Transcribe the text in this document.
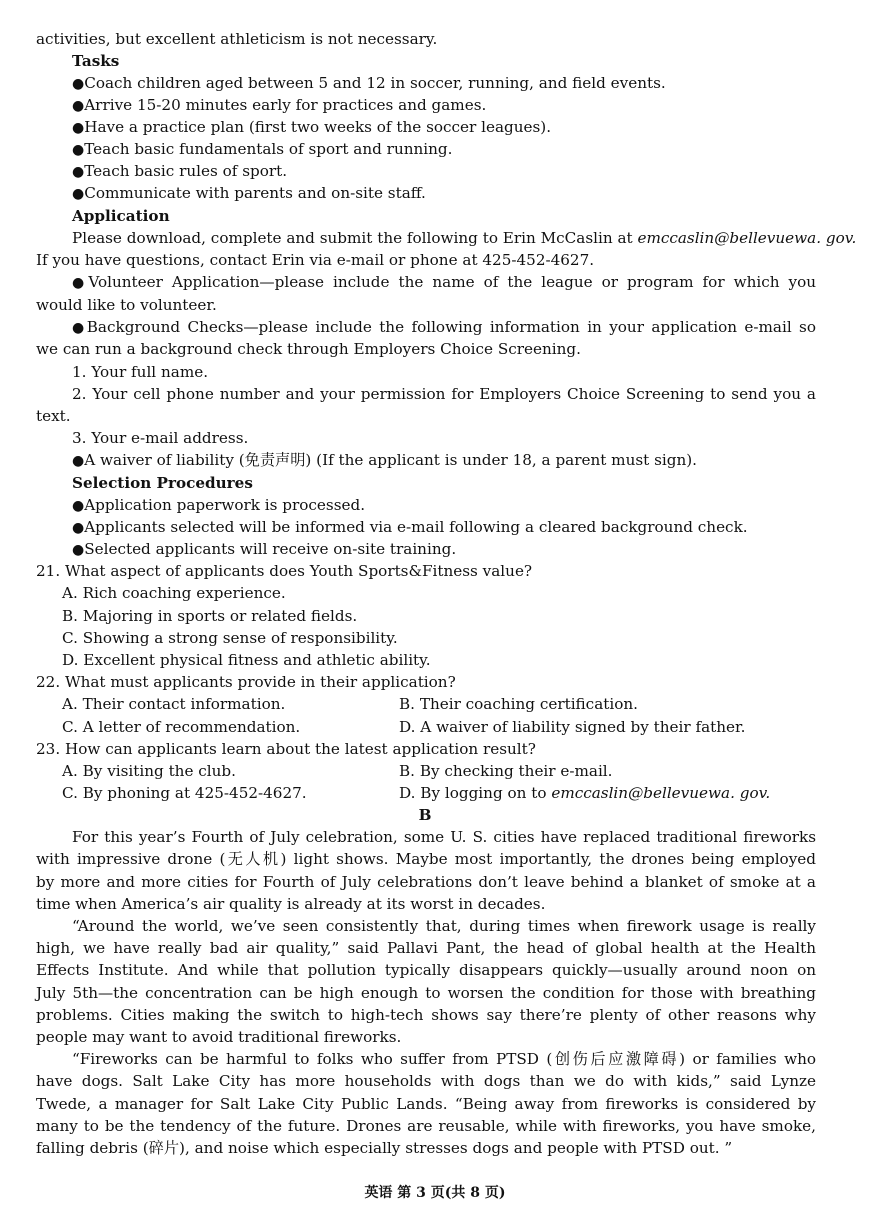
activities, but excellent athleticism is not necessary.
Tasks
●Coach children aged between 5 and 12 in soccer, running, and field events.
●Arrive 15-20 minutes early for practices and games.
●Have a practice plan (first two weeks of the soccer leagues).
●Teach basic fundamentals of sport and running.
●Teach basic rules of sport.
●Communicate with parents and on-site staff.
Application
Please download, complete and submit the following to Erin McCaslin at emccaslin@bellevuewa. gov.
If you have questions, contact Erin via e-mail or phone at 425-452-4627.
●Volunteer Application—please include the name of the league or program for which you
would like to volunteer.
●Background Checks—please include the following information in your application e-mail so
we can run a background check through Employers Choice Screening.
1. Your full name.
2. Your cell phone number and your permission for Employers Choice Screening to send you a
text.
3. Your e-mail address.
●A waiver of liability (免责声明) (If the applicant is under 18, a parent must sign).
Selection Procedures
●Application paperwork is processed.
●Applicants selected will be informed via e-mail following a cleared background check.
●Selected applicants will receive on-site training.
21. What aspect of applicants does Youth Sports&Fitness value?
A. Rich coaching experience.
B. Majoring in sports or related fields.
C. Showing a strong sense of responsibility.
D. Excellent physical fitness and athletic ability.
22. What must applicants provide in their application?
A. Their contact information.	B. Their coaching certification.
C. A letter of recommendation.	D. A waiver of liability signed by their father.
23. How can applicants learn about the latest application result?
A. By visiting the club.	B. By checking their e-mail.
C. By phoning at 425-452-4627.	D. By logging on to emccaslin@bellevuewa. gov.
B
For this year’s Fourth of July celebration, some U. S. cities have replaced traditional fireworks
with impressive drone (无人机) light shows. Maybe most importantly, the drones being employed
by more and more cities for Fourth of July celebrations don’t leave behind a blanket of smoke at a
time when America’s air quality is already at its worst in decades.
“Around the world, we’ve seen consistently that, during times when firework usage is really
high, we have really bad air quality,” said Pallavi Pant, the head of global health at the Health
Effects Institute. And while that pollution typically disappears quickly—usually around noon on
July 5th—the concentration can be high enough to worsen the condition for those with breathing
problems. Cities making the switch to high-tech shows say there’re plenty of other reasons why
people may want to avoid traditional fireworks.
“Fireworks can be harmful to folks who suffer from PTSD (创伤后应激障碍) or families who
have dogs. Salt Lake City has more households with dogs than we do with kids,” said Lynze
Twede, a manager for Salt Lake City Public Lands. “Being away from fireworks is considered by
many to be the tendency of the future. Drones are reusable, while with fireworks, you have smoke,
falling debris (碎片), and noise which especially stresses dogs and people with PTSD out. ”
英语 第 3 页(共 8 页)
